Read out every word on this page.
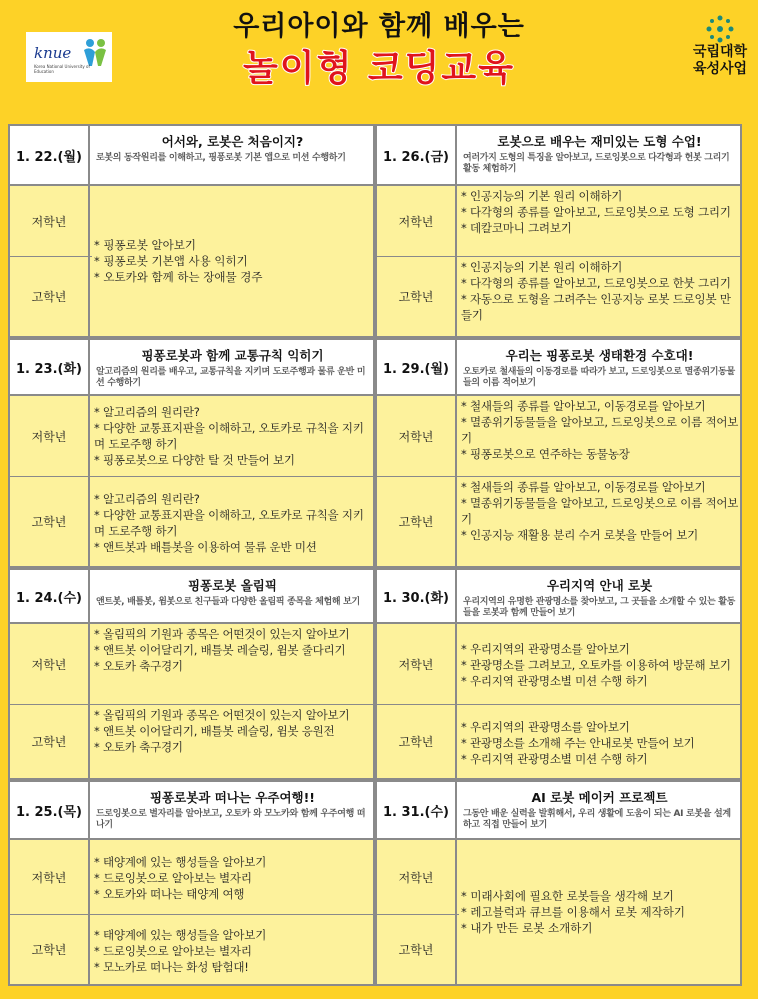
knue
Korea National University of Education
우리아이와 함께 배우는
놀이형 코딩교육	국립대학
육성사업
1. 22.(월)
어서와, 로봇은 처음이지?
로봇의 동작원리를 이해하고, 핑퐁로봇 기본 앱으로 미션 수행하기
저학년
고학년
* 핑퐁로봇 알아보기
* 핑퐁로봇 기본앱 사용 익히기
* 오토카와 함께 하는 장애물 경주
1. 23.(화)
핑퐁로봇과 함께 교통규칙 익히기
알고리즘의 원리를 배우고, 교통규칙을 지키며 도로주행과 물류 운반 미션 수행하기
저학년
* 알고리즘의 원리란?
* 다양한 교통표지판을 이해하고, 오토카로 규칙을 지키며 도로주행 하기
* 핑퐁로봇으로 다양한 탈 것 만들어 보기
고학년
* 알고리즘의 원리란?
* 다양한 교통표지판을 이해하고, 오토카로 규칙을 지키며 도로주행 하기
* 앤트봇과 배틀봇을 이용하여 물류 운반 미션
1. 24.(수)
핑퐁로봇 올림픽
앤트봇, 배틀봇, 윔봇으로 친구들과 다양한 올림픽 종목을 체험해 보기
저학년
* 올림픽의 기원과 종목은 어떤것이 있는지 알아보기
* 앤트봇 이어달리기, 배틀봇 레슬링, 윔봇 줄다리기
* 오토카 축구경기
고학년
* 올림픽의 기원과 종목은 어떤것이 있는지 알아보기
* 앤트봇 이어달리기, 배틀봇 레슬링, 윔봇 응원전
* 오토카 축구경기
1. 25.(목)
핑퐁로봇과 떠나는 우주여행!!
드로잉봇으로 별자리를 알아보고, 오토카 와 모노카와 함께 우주여행 떠나기
저학년
* 태양계에 있는 행성들을 알아보기
* 드로잉봇으로 알아보는 별자리
* 오토카와 떠나는 태양계 여행
고학년
* 태양계에 있는 행성들을 알아보기
* 드로잉봇으로 알아보는 별자리
* 모노카로 떠나는 화성 탐험대!
1. 26.(금)
로봇으로 배우는 재미있는 도형 수업!
여러가지 도형의 특징을 알아보고, 드로잉봇으로 다각형과 헌봇 그리기 활동 체험하기
저학년
* 인공지능의 기본 원리 이해하기
* 다각형의 종류를 알아보고, 드로잉봇으로 도형 그리기
* 데칼코마니 그려보기
고학년
* 인공지능의 기본 원리 이해하기
* 다각형의 종류를 알아보고, 드로잉봇으로 한붓 그리기
* 자동으로 도형을 그려주는 인공지능 로봇 드로잉봇 만들기
1. 29.(월)
우리는 핑퐁로봇 생태환경 수호대!
오토카로 철새들의 이동경로를 따라가 보고, 드로잉봇으로 멸종위기동물들의 이름 적어보기
저학년
* 철새들의 종류를 알아보고, 이동경로를 알아보기
* 멸종위기동물들을 알아보고, 드로잉봇으로 이름 적어보기
* 핑퐁로봇으로 연주하는 동물농장
고학년
* 철새들의 종류를 알아보고, 이동경로를 알아보기
* 멸종위기동물들을 알아보고, 드로잉봇으로 이름 적어보기
* 인공지능 재활용 분리 수거 로봇을 만들어 보기
1. 30.(화)
우리지역 안내 로봇
우리지역의 유명한 관광명소를 찾아보고, 그 곳들을 소개할 수 있는 활동들을 로봇과 함께 만들어 보기
저학년
* 우리지역의 관광명소를 알아보기
* 관광명소를 그려보고, 오토카를 이용하여 방문해 보기
* 우리지역 관광명소별 미션 수행 하기
고학년
* 우리지역의 관광명소를 알아보기
* 관광명소를 소개해 주는 안내로봇 만들어 보기
* 우리지역 관광명소별 미션 수행 하기
1. 31.(수)
AI 로봇 메이커 프로젝트
그동안 배운 실력을 발휘해서, 우리 생활에 도움이 되는 AI 로봇을 설계하고 직접 만들어 보기
저학년
고학년
* 미래사회에 필요한 로봇들을 생각해 보기
* 레고블럭과 큐브를 이용해서 로봇 제작하기
* 내가 만든 로봇 소개하기
